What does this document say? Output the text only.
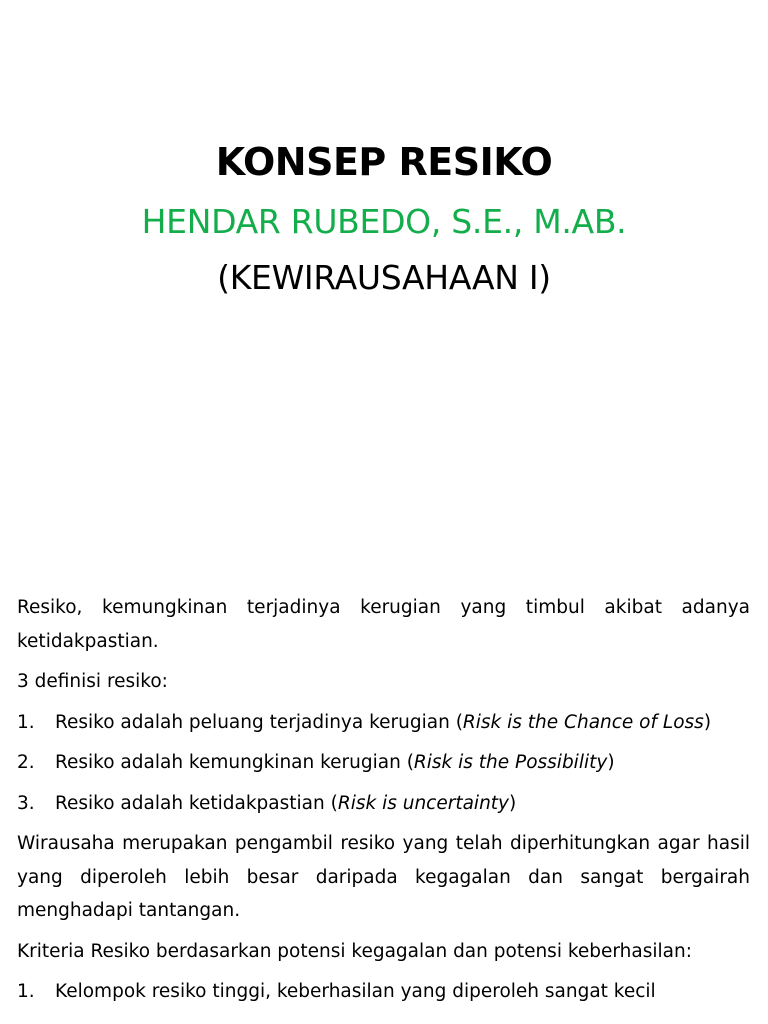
KONSEP RESIKO
HENDAR RUBEDO, S.E., M.AB.
(KEWIRAUSAHAAN I)

Resiko, kemungkinan terjadinya kerugian yang timbul akibat adanya ketidakpastian.

3 definisi resiko:

1. Resiko adalah peluang terjadinya kerugian (Risk is the Chance of Loss)
2. Resiko adalah kemungkinan kerugian (Risk is the Possibility)
3. Resiko adalah ketidakpastian (Risk is uncertainty)

Wirausaha merupakan pengambil resiko yang telah diperhitungkan agar hasil yang diperoleh lebih besar daripada kegagalan dan sangat bergairah menghadapi tantangan.

Kriteria Resiko berdasarkan potensi kegagalan dan potensi keberhasilan:

1. Kelompok resiko tinggi, keberhasilan yang diperoleh sangat kecil
